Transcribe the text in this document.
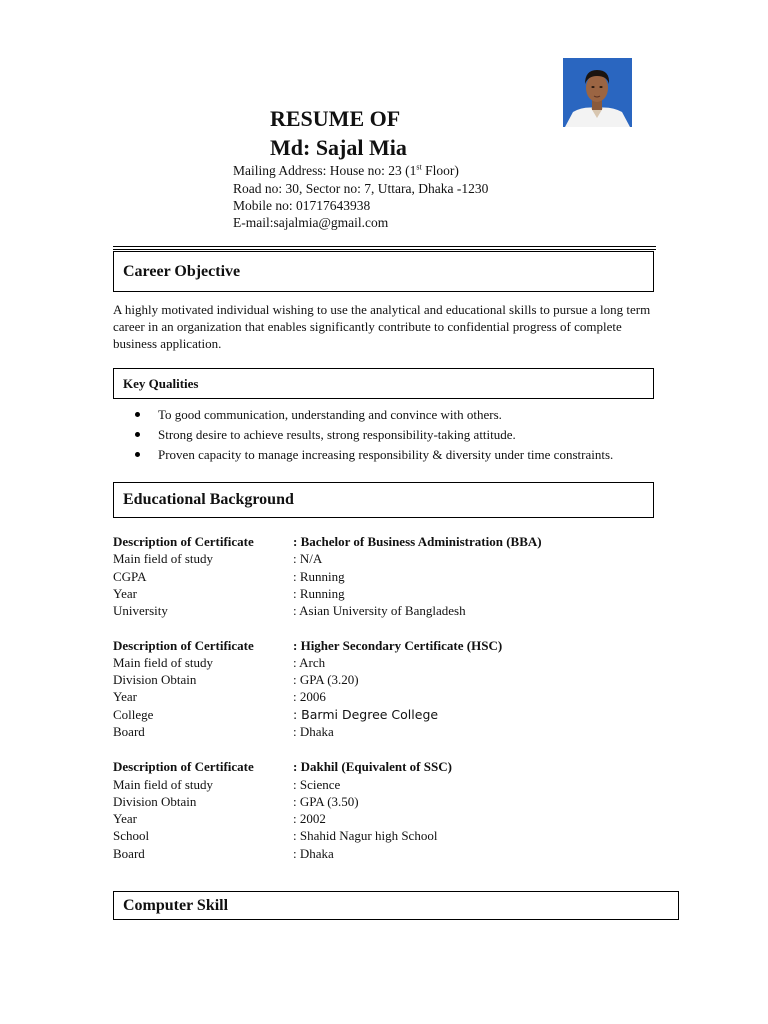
RESUME OF
Md: Sajal Mia
Mailing Address: House no: 23 (1st Floor)
Road no: 30, Sector no: 7, Uttara, Dhaka -1230
Mobile no: 01717643938
E-mail:sajalmia@gmail.com
Career Objective
A highly motivated individual wishing to use the analytical and educational skills to pursue a long term career in an organization that enables significantly contribute to confidential progress of complete business application.
Key Qualities
To good communication, understanding and convince with others.
Strong desire to achieve results, strong responsibility-taking attitude.
Proven capacity to manage increasing responsibility & diversity under time constraints.
Educational Background
Description of Certificate	: Bachelor of Business Administration (BBA)
Main field of study	: N/A
CGPA	: Running
Year	: Running
University	: Asian University of Bangladesh
Description of Certificate	: Higher Secondary Certificate (HSC)
Main field of study	: Arch
Division Obtain	: GPA (3.20)
Year	: 2006
College	: Barmi Degree College
Board	: Dhaka
Description of Certificate	: Dakhil (Equivalent of SSC)
Main field of study	: Science
Division Obtain	: GPA (3.50)
Year	: 2002
School	: Shahid Nagur high School
Board	: Dhaka
Computer Skill
